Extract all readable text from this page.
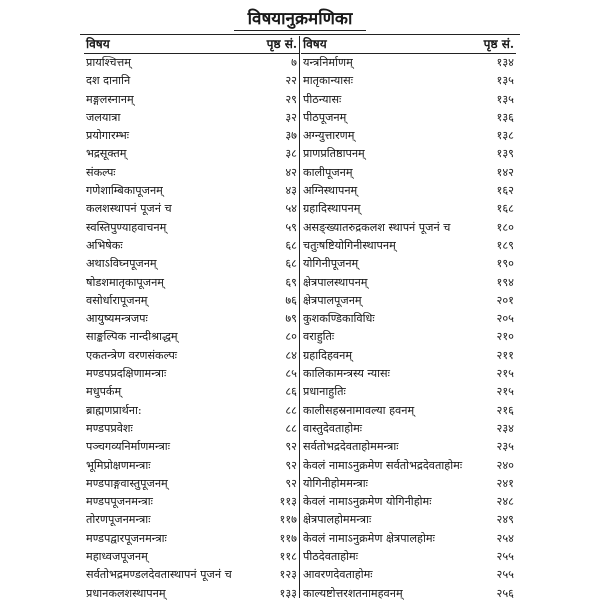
विषयानुक्रमणिका
विषय	पृष्ठ सं.
प्रायश्चित्तम्	७
दश दानानि	२२
मङ्गलस्नानम्	२९
जलयात्रा	३२
प्रयोगारम्भः	३७
भद्रसूक्तम्	३८
संकल्पः	४२
गणेशाम्बिकापूजनम्	४३
कलशस्थापनं पूजनं च	५४
स्वस्तिपुण्याहवाचनम्	५९
अभिषेकः	६८
अथाऽविघ्नपूजनम्	६८
षोडशमातृकापूजनम्	६९
वसोर्धारापूजनम्	७६
आयुष्यमन्त्रजपः	७९
साङ्कल्पिक नान्दीश्राद्धम्	८०
एकतन्त्रेण वरणसंकल्पः	८४
मण्डपप्रदक्षिणामन्त्राः	८५
मधुपर्कम्	८६
ब्राह्मणप्रार्थना:	८८
मण्डपप्रवेशः	८८
पञ्चगव्यनिर्माणमन्त्राः	९२
भूमिप्रोक्षणमन्त्राः	९२
मण्डपाङ्गवास्तुपूजनम्	९२
मण्डपपूजनमन्त्राः	११३
तोरणपूजनमन्त्राः	११७
मण्डपद्वारपूजनमन्त्राः	११७
महाध्वजपूजनम्	११८
सर्वतोभद्रमण्डलदेवतास्थापनं पूजनं च	१२३
प्रधानकलशस्थापनम्	१३३
विषय	पृष्ठ सं.
यन्त्रनिर्माणम्	१३४
मातृकान्यासः	१३५
पीठन्यासः	१३५
पीठपूजनम्	१३६
अग्न्युत्तारणम्	१३८
प्राणप्रतिष्ठापनम्	१३९
कालीपूजनम्	१४२
अग्निस्थापनम्	१६२
ग्रहादिस्थापनम्	१६८
असङ्ख्यातरुद्रकलश स्थापनं पूजनं च	१८०
चतुःषष्टियोगिनीस्थापनम्	१८९
योगिनीपूजनम्	१९०
क्षेत्रपालस्थापनम्	१९४
क्षेत्रपालपूजनम्	२०१
कुशकण्डिकाविधिः	२०५
वराहुतिः	२१०
ग्रहादिहवनम्	२११
कालिकामन्त्रस्य न्यासः	२१५
प्रधानाहुतिः	२१५
कालीसहस्रनामावल्या हवनम्	२१६
वास्तुदेवताहोमः	२३४
सर्वतोभद्रदेवताहोममन्त्राः	२३५
केवलं नामाऽनुक्रमेण सर्वतोभद्रदेवताहोमः	२४०
योगिनीहोममन्त्राः	२४१
केवलं नामाऽनुक्रमेण योगिनीहोमः	२४८
क्षेत्रपालहोममन्त्राः	२४९
केवलं नामाऽनुक्रमेण क्षेत्रपालहोमः	२५४
पीठदेवताहोमः	२५५
आवरणदेवताहोमः	२५५
काल्यष्टोत्तरशतनामहवनम्	२५६
